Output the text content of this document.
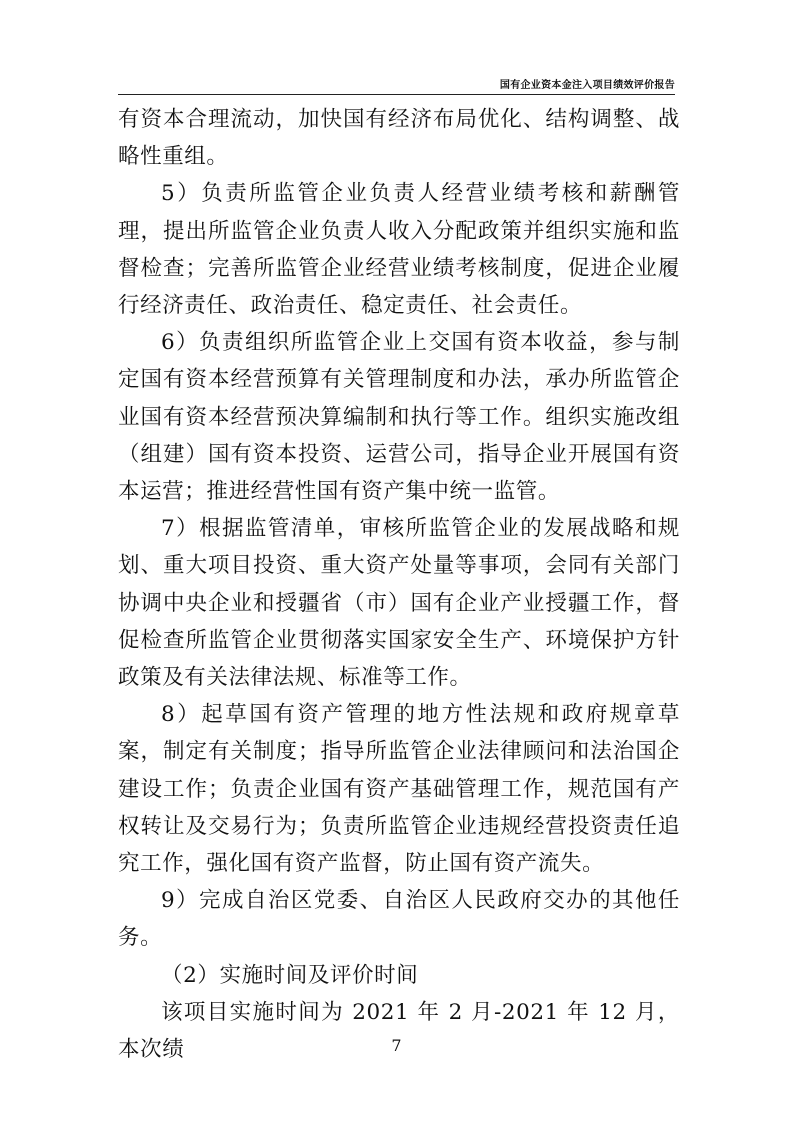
国有企业资本金注入项目绩效评价报告

有资本合理流动，加快国有经济布局优化、结构调整、战略性重组。

5）负责所监管企业负责人经营业绩考核和薪酬管理，提出所监管企业负责人收入分配政策并组织实施和监督检查；完善所监管企业经营业绩考核制度，促进企业履行经济责任、政治责任、稳定责任、社会责任。

6）负责组织所监管企业上交国有资本收益，参与制定国有资本经营预算有关管理制度和办法，承办所监管企业国有资本经营预决算编制和执行等工作。组织实施改组（组建）国有资本投资、运营公司，指导企业开展国有资本运营；推进经营性国有资产集中统一监管。

7）根据监管清单，审核所监管企业的发展战略和规划、重大项目投资、重大资产处量等事项，会同有关部门协调中央企业和授疆省（市）国有企业产业授疆工作，督促检查所监管企业贯彻落实国家安全生产、环境保护方针政策及有关法律法规、标准等工作。

8）起草国有资产管理的地方性法规和政府规章草案，制定有关制度；指导所监管企业法律顾问和法治国企建设工作；负责企业国有资产基础管理工作，规范国有产权转让及交易行为；负责所监管企业违规经营投资责任追究工作，强化国有资产监督，防止国有资产流失。

9）完成自治区党委、自治区人民政府交办的其他任务。

（2）实施时间及评价时间

该项目实施时间为 2021 年 2 月-2021 年 12 月，本次绩	7
